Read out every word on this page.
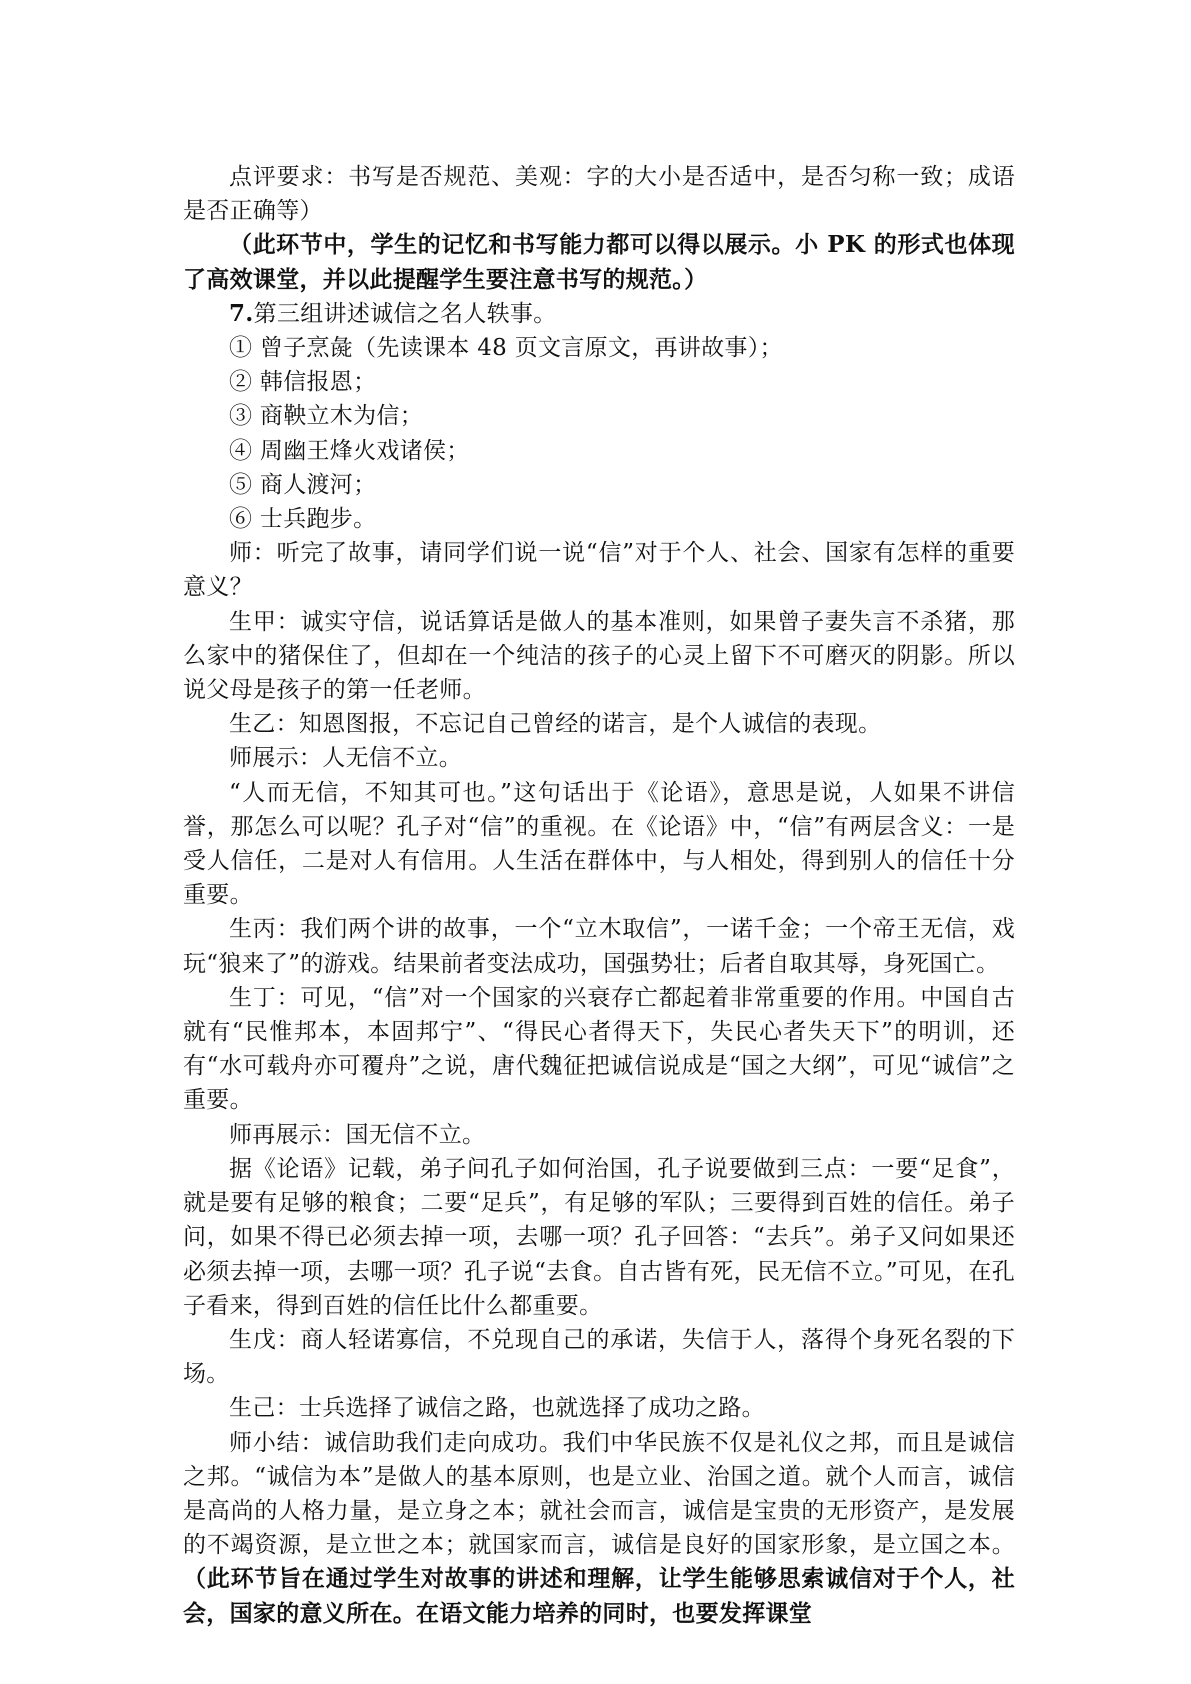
点评要求：书写是否规范、美观：字的大小是否适中，是否匀称一致；成语是否正确等）

（此环节中，学生的记忆和书写能力都可以得以展示。小 PK 的形式也体现了高效课堂，并以此提醒学生要注意书写的规范。）

7.第三组讲述诚信之名人轶事。

① 曾子烹彘（先读课本 48 页文言原文，再讲故事）；

② 韩信报恩；

③ 商鞅立木为信；

④ 周幽王烽火戏诸侯；

⑤ 商人渡河；

⑥ 士兵跑步。

师：听完了故事，请同学们说一说“信”对于个人、社会、国家有怎样的重要意义？

生甲：诚实守信，说话算话是做人的基本准则，如果曾子妻失言不杀猪，那么家中的猪保住了，但却在一个纯洁的孩子的心灵上留下不可磨灭的阴影。所以说父母是孩子的第一任老师。

生乙：知恩图报，不忘记自己曾经的诺言，是个人诚信的表现。

师展示：人无信不立。

“人而无信，不知其可也。”这句话出于《论语》，意思是说，人如果不讲信誉，那怎么可以呢？孔子对“信”的重视。在《论语》中，“信”有两层含义：一是受人信任，二是对人有信用。人生活在群体中，与人相处，得到别人的信任十分重要。

生丙：我们两个讲的故事，一个“立木取信”，一诺千金；一个帝王无信，戏玩“狼来了”的游戏。结果前者变法成功，国强势壮；后者自取其辱，身死国亡。

生丁：可见，“信”对一个国家的兴衰存亡都起着非常重要的作用。中国自古就有“民惟邦本，本固邦宁”、“得民心者得天下，失民心者失天下”的明训，还有“水可载舟亦可覆舟”之说，唐代魏征把诚信说成是“国之大纲”，可见“诚信”之重要。

师再展示：国无信不立。

据《论语》记载，弟子问孔子如何治国，孔子说要做到三点：一要“足食”，就是要有足够的粮食；二要“足兵”，有足够的军队；三要得到百姓的信任。弟子问，如果不得已必须去掉一项，去哪一项？孔子回答：“去兵”。弟子又问如果还必须去掉一项，去哪一项？孔子说“去食。自古皆有死，民无信不立。”可见，在孔子看来，得到百姓的信任比什么都重要。

生戊：商人轻诺寡信，不兑现自己的承诺，失信于人，落得个身死名裂的下场。

生己：士兵选择了诚信之路，也就选择了成功之路。

师小结：诚信助我们走向成功。我们中华民族不仅是礼仪之邦，而且是诚信之邦。“诚信为本”是做人的基本原则，也是立业、治国之道。就个人而言，诚信是高尚的人格力量，是立身之本；就社会而言，诚信是宝贵的无形资产，是发展的不竭资源，是立世之本；就国家而言，诚信是良好的国家形象，是立国之本。（此环节旨在通过学生对故事的讲述和理解，让学生能够思索诚信对于个人，社会，国家的意义所在。在语文能力培养的同时，也要发挥课堂
